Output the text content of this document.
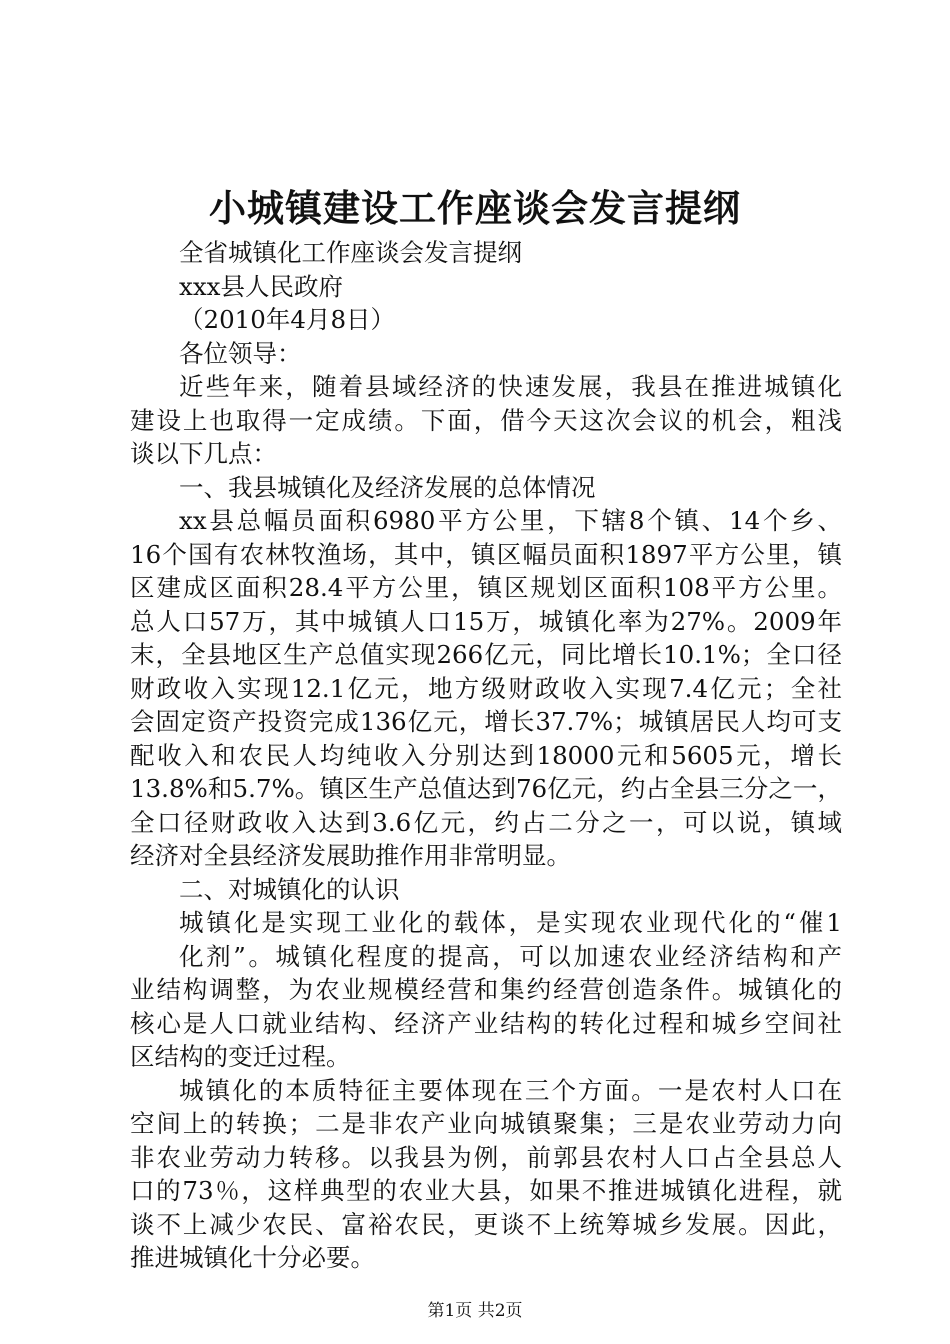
小城镇建设工作座谈会发言提纲
全省城镇化工作座谈会发言提纲
xxx县人民政府
（2010年4月8日）
各位领导：
近些年来，随着县域经济的快速发展，我县在推进城镇化
建设上也取得一定成绩。下面，借今天这次会议的机会，粗浅
谈以下几点：
一、我县城镇化及经济发展的总体情况
xx县总幅员面积6980平方公里，下辖8个镇、14个乡、
16个国有农林牧渔场，其中，镇区幅员面积1897平方公里，镇
区建成区面积28.4平方公里，镇区规划区面积108平方公里。
总人口57万，其中城镇人口15万，城镇化率为27%。2009年
末，全县地区生产总值实现266亿元，同比增长10.1%；全口径
财政收入实现12.1亿元，地方级财政收入实现7.4亿元；全社
会固定资产投资完成136亿元，增长37.7%；城镇居民人均可支
配收入和农民人均纯收入分别达到18000元和5605元，增长
13.8%和5.7%。镇区生产总值达到76亿元，约占全县三分之一，
全口径财政收入达到3.6亿元，约占二分之一，可以说，镇域
经济对全县经济发展助推作用非常明显。
二、对城镇化的认识
城镇化是实现工业化的载体，是实现农业现代化的“催1
化剂”。城镇化程度的提高，可以加速农业经济结构和产
业结构调整，为农业规模经营和集约经营创造条件。城镇化的
核心是人口就业结构、经济产业结构的转化过程和城乡空间社
区结构的变迁过程。
城镇化的本质特征主要体现在三个方面。一是农村人口在
空间上的转换；二是非农产业向城镇聚集；三是农业劳动力向
非农业劳动力转移。以我县为例，前郭县农村人口占全县总人
口的73％，这样典型的农业大县，如果不推进城镇化进程，就
谈不上减少农民、富裕农民，更谈不上统筹城乡发展。因此，
推进城镇化十分必要。
第1页 共2页
